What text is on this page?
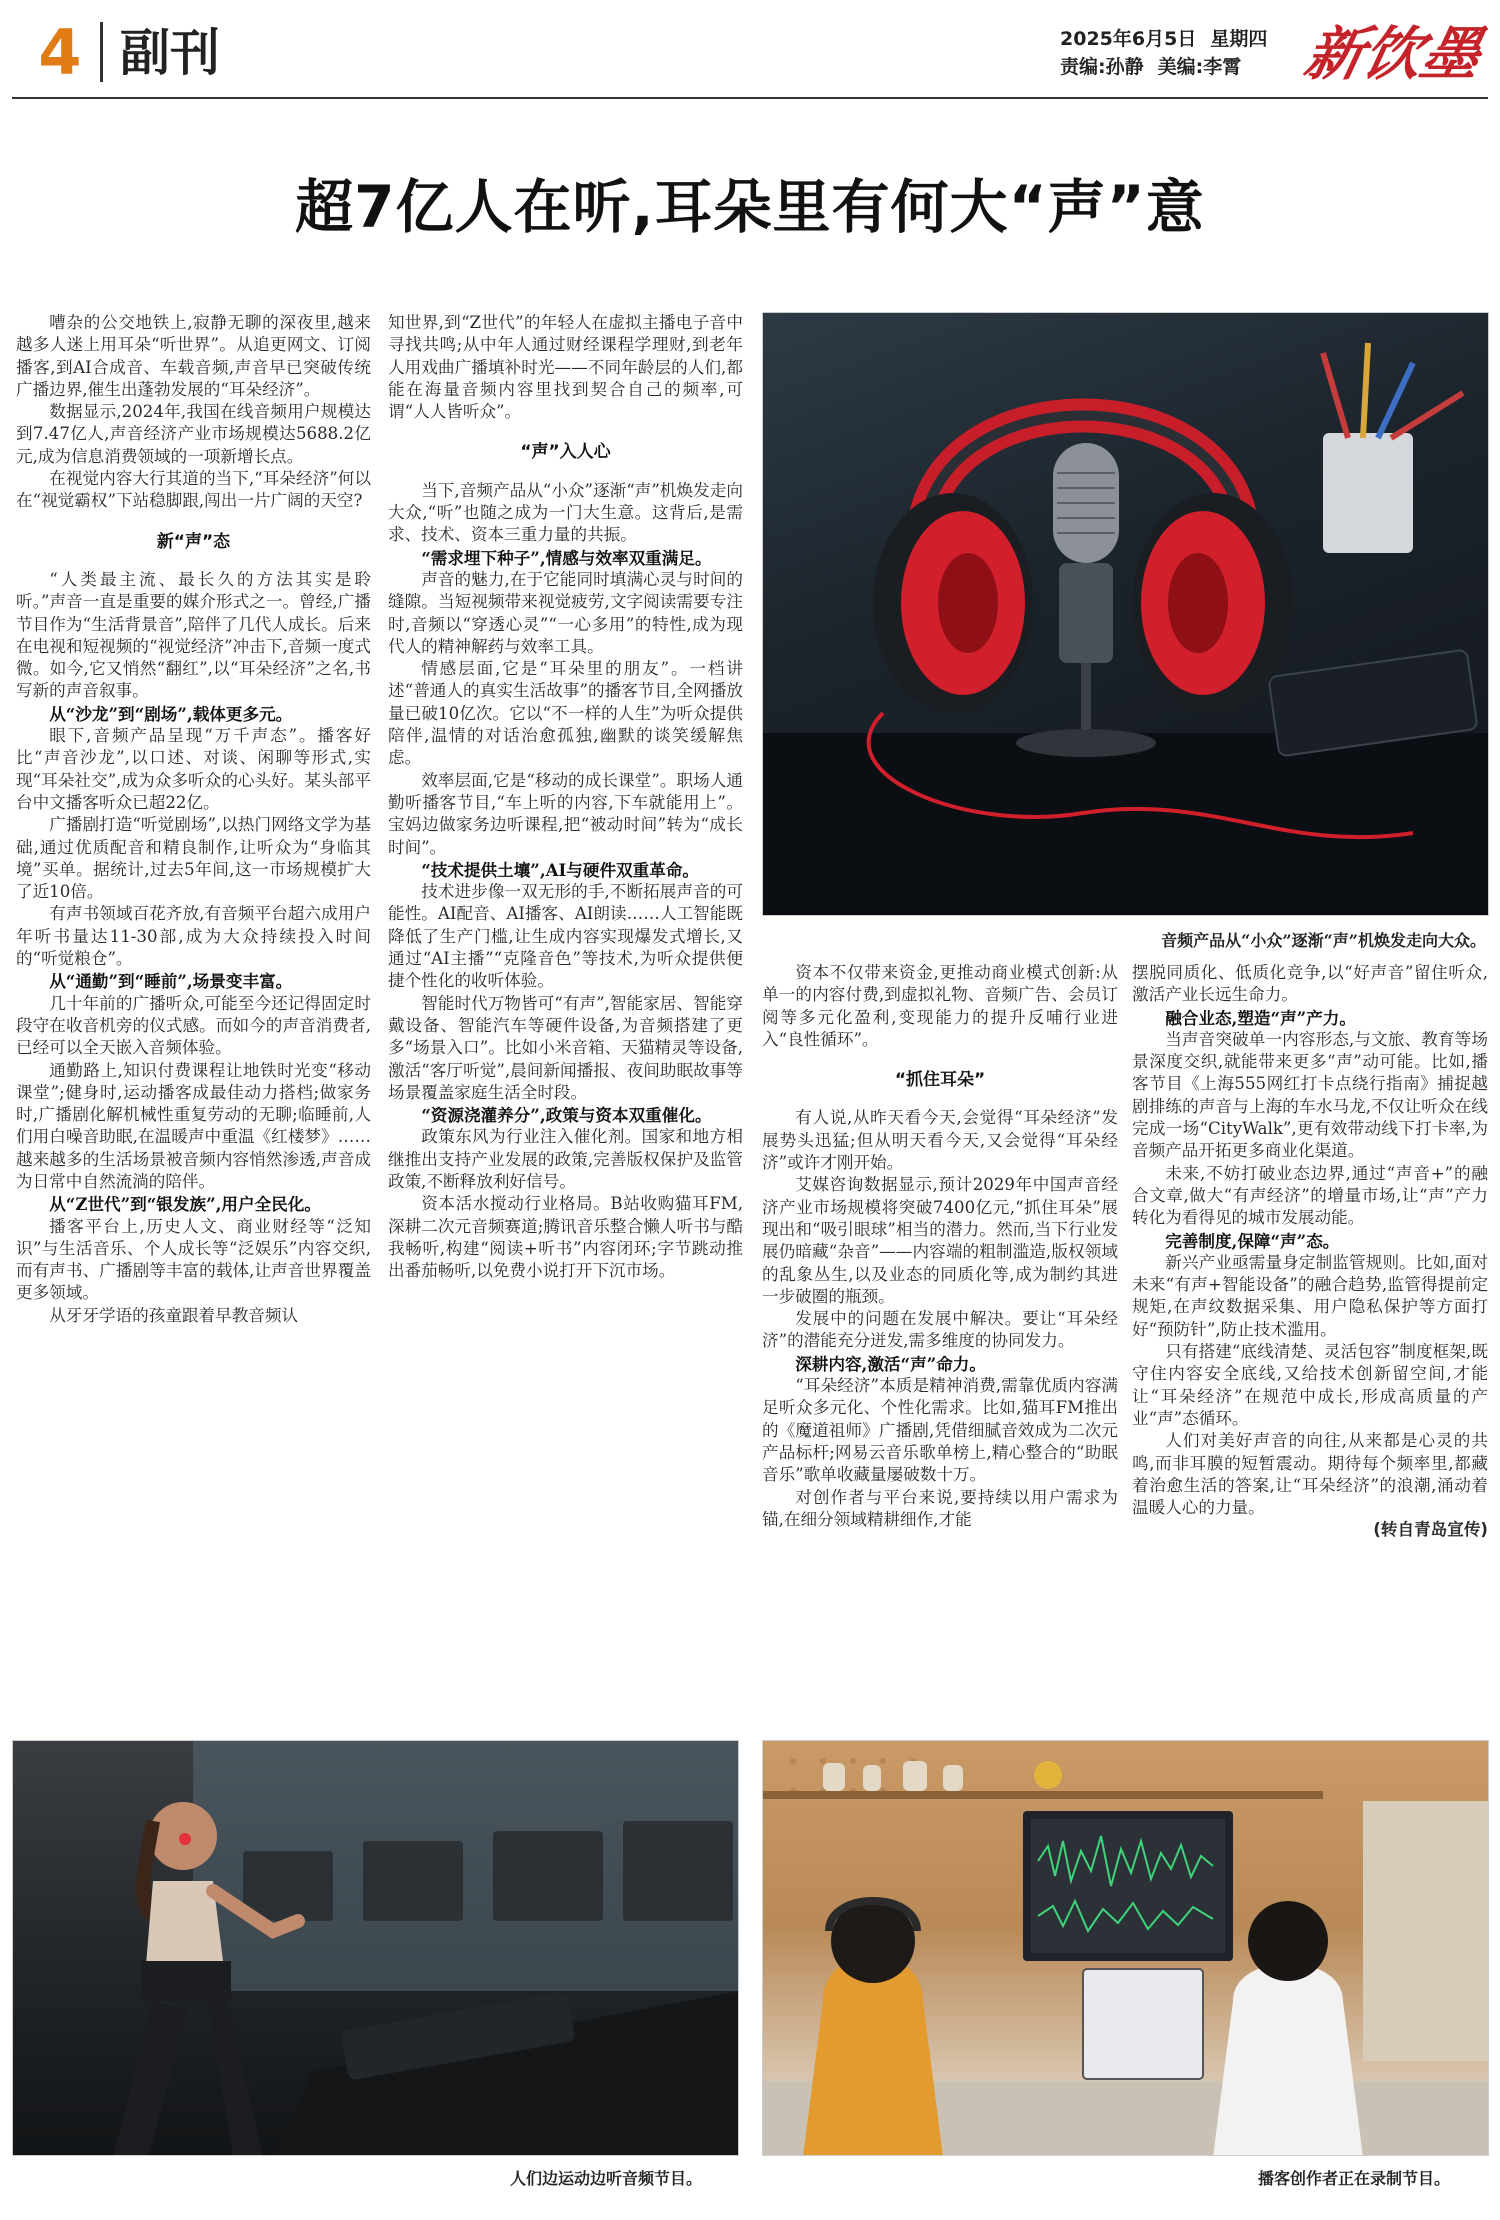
4 副刊	2025年6月5日 星期四
责编:孙静 美编:李霄 新饮墨
超7亿人在听,耳朵里有何大“声”意

嘈杂的公交地铁上,寂静无聊的深夜里,越来越多人迷上用耳朵“听世界”。从追更网文、订阅播客,到AI合成音、车载音频,声音早已突破传统广播边界,催生出蓬勃发展的“耳朵经济”。

数据显示,2024年,我国在线音频用户规模达到7.47亿人,声音经济产业市场规模达5688.2亿元,成为信息消费领域的一项新增长点。

在视觉内容大行其道的当下,“耳朵经济”何以在“视觉霸权”下站稳脚跟,闯出一片广阔的天空?

新“声”态

“人类最主流、最长久的方法其实是聆听。”声音一直是重要的媒介形式之一。曾经,广播节目作为“生活背景音”,陪伴了几代人成长。后来在电视和短视频的“视觉经济”冲击下,音频一度式微。如今,它又悄然“翻红”,以“耳朵经济”之名,书写新的声音叙事。

从“沙龙”到“剧场”,载体更多元。

眼下,音频产品呈现“万千声态”。播客好比“声音沙龙”,以口述、对谈、闲聊等形式,实现“耳朵社交”,成为众多听众的心头好。某头部平台中文播客听众已超22亿。

广播剧打造“听觉剧场”,以热门网络文学为基础,通过优质配音和精良制作,让听众为“身临其境”买单。据统计,过去5年间,这一市场规模扩大了近10倍。

有声书领域百花齐放,有音频平台超六成用户年听书量达11-30部,成为大众持续投入时间的“听觉粮仓”。

从“通勤”到“睡前”,场景变丰富。

几十年前的广播听众,可能至今还记得固定时段守在收音机旁的仪式感。而如今的声音消费者,已经可以全天嵌入音频体验。

通勤路上,知识付费课程让地铁时光变“移动课堂”;健身时,运动播客成最佳动力搭档;做家务时,广播剧化解机械性重复劳动的无聊;临睡前,人们用白噪音助眠,在温暖声中重温《红楼梦》……越来越多的生活场景被音频内容悄然渗透,声音成为日常中自然流淌的陪伴。

从“Z世代”到“银发族”,用户全民化。

播客平台上,历史人文、商业财经等“泛知识”与生活音乐、个人成长等“泛娱乐”内容交织,而有声书、广播剧等丰富的载体,让声音世界覆盖更多领域。

从牙牙学语的孩童跟着早教音频认

知世界,到“Z世代”的年轻人在虚拟主播电子音中寻找共鸣;从中年人通过财经课程学理财,到老年人用戏曲广播填补时光——不同年龄层的人们,都能在海量音频内容里找到契合自己的频率,可谓“人人皆听众”。

“声”入人心

当下,音频产品从“小众”逐渐“声”机焕发走向大众,“听”也随之成为一门大生意。这背后,是需求、技术、资本三重力量的共振。

“需求埋下种子”,情感与效率双重满足。

声音的魅力,在于它能同时填满心灵与时间的缝隙。当短视频带来视觉疲劳,文字阅读需要专注时,音频以“穿透心灵”“一心多用”的特性,成为现代人的精神解药与效率工具。

情感层面,它是“耳朵里的朋友”。一档讲述“普通人的真实生活故事”的播客节目,全网播放量已破10亿次。它以“不一样的人生”为听众提供陪伴,温情的对话治愈孤独,幽默的谈笑缓解焦虑。

效率层面,它是“移动的成长课堂”。职场人通勤听播客节目,“车上听的内容,下车就能用上”。宝妈边做家务边听课程,把“被动时间”转为“成长时间”。

“技术提供土壤”,AI与硬件双重革命。

技术进步像一双无形的手,不断拓展声音的可能性。AI配音、AI播客、AI朗读……人工智能既降低了生产门槛,让生成内容实现爆发式增长,又通过“AI主播”“克隆音色”等技术,为听众提供便捷个性化的收听体验。

智能时代万物皆可“有声”,智能家居、智能穿戴设备、智能汽车等硬件设备,为音频搭建了更多“场景入口”。比如小米音箱、天猫精灵等设备,激活“客厅听觉”,晨间新闻播报、夜间助眠故事等场景覆盖家庭生活全时段。

“资源浇灌养分”,政策与资本双重催化。

政策东风为行业注入催化剂。国家和地方相继推出支持产业发展的政策,完善版权保护及监管政策,不断释放利好信号。

资本活水搅动行业格局。B站收购猫耳FM,深耕二次元音频赛道;腾讯音乐整合懒人听书与酷我畅听,构建“阅读+听书”内容闭环;字节跳动推出番茄畅听,以免费小说打开下沉市场。

音频产品从“小众”逐渐“声”机焕发走向大众。

资本不仅带来资金,更推动商业模式创新:从单一的内容付费,到虚拟礼物、音频广告、会员订阅等多元化盈利,变现能力的提升反哺行业进入“良性循环”。

“抓住耳朵”

有人说,从昨天看今天,会觉得“耳朵经济”发展势头迅猛;但从明天看今天,又会觉得“耳朵经济”或许才刚开始。

艾媒咨询数据显示,预计2029年中国声音经济产业市场规模将突破7400亿元,“抓住耳朵”展现出和“吸引眼球”相当的潜力。然而,当下行业发展仍暗藏“杂音”——内容端的粗制滥造,版权领域的乱象丛生,以及业态的同质化等,成为制约其进一步破圈的瓶颈。

发展中的问题在发展中解决。要让“耳朵经济”的潜能充分迸发,需多维度的协同发力。

深耕内容,激活“声”命力。

“耳朵经济”本质是精神消费,需靠优质内容满足听众多元化、个性化需求。比如,猫耳FM推出的《魔道祖师》广播剧,凭借细腻音效成为二次元产品标杆;网易云音乐歌单榜上,精心整合的“助眠音乐”歌单收藏量屡破数十万。

对创作者与平台来说,要持续以用户需求为锚,在细分领域精耕细作,才能

摆脱同质化、低质化竞争,以“好声音”留住听众,激活产业长远生命力。

融合业态,塑造“声”产力。

当声音突破单一内容形态,与文旅、教育等场景深度交织,就能带来更多“声”动可能。比如,播客节目《上海555网红打卡点绕行指南》捕捉越剧排练的声音与上海的车水马龙,不仅让听众在线完成一场“CityWalk”,更有效带动线下打卡率,为音频产品开拓更多商业化渠道。

未来,不妨打破业态边界,通过“声音+”的融合文章,做大“有声经济”的增量市场,让“声”产力转化为看得见的城市发展动能。

完善制度,保障“声”态。

新兴产业亟需量身定制监管规则。比如,面对未来“有声+智能设备”的融合趋势,监管得提前定规矩,在声纹数据采集、用户隐私保护等方面打好“预防针”,防止技术滥用。

只有搭建“底线清楚、灵活包容”制度框架,既守住内容安全底线,又给技术创新留空间,才能让“耳朵经济”在规范中成长,形成高质量的产业“声”态循环。

人们对美好声音的向往,从来都是心灵的共鸣,而非耳膜的短暂震动。期待每个频率里,都藏着治愈生活的答案,让“耳朵经济”的浪潮,涌动着温暖人心的力量。

(转自青岛宣传)

人们边运动边听音频节目。	播客创作者正在录制节目。
